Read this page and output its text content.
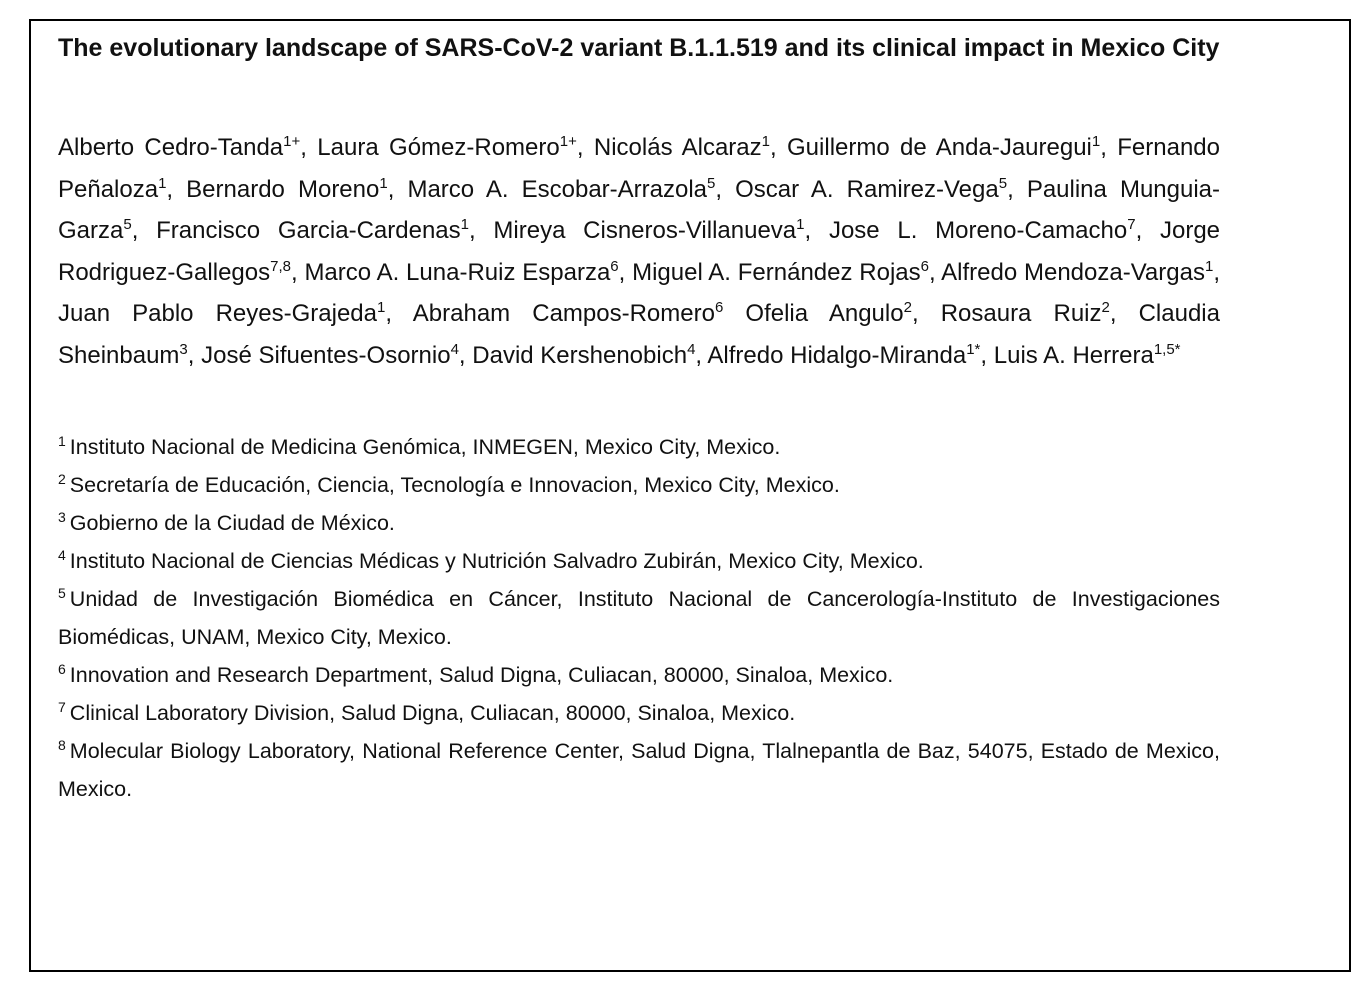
The evolutionary landscape of SARS-CoV-2 variant B.1.1.519 and its clinical impact in Mexico City

Alberto Cedro-Tanda$^{1+}$, Laura Gómez-Romero$^{1+}$, Nicolás Alcaraz$^1$, Guillermo de Anda-Jauregui$^1$, Fernando Peñaloza$^1$, Bernardo Moreno$^1$, Marco A. Escobar-Arrazola$^5$, Oscar A. Ramirez-Vega$^5$, Paulina Munguia-Garza$^5$, Francisco Garcia-Cardenas$^1$, Mireya Cisneros-Villanueva$^1$, Jose L. Moreno-Camacho$^7$, Jorge Rodriguez-Gallegos$^{7,8}$, Marco A. Luna-Ruiz Esparza$^6$, Miguel A. Fernández Rojas$^6$, Alfredo Mendoza-Vargas$^1$, Juan Pablo Reyes-Grajeda$^1$, Abraham Campos-Romero$^6$ Ofelia Angulo$^2$, Rosaura Ruiz$^2$, Claudia Sheinbaum$^3$, José Sifuentes-Osornio$^4$, David Kershenobich$^4$, Alfredo Hidalgo-Miranda$^{1*}$, Luis A. Herrera$^{1,5*}$

$^1$ Instituto Nacional de Medicina Genómica, INMEGEN, Mexico City, Mexico.
$^2$ Secretaría de Educación, Ciencia, Tecnología e Innovacion, Mexico City, Mexico.
$^3$ Gobierno de la Ciudad de México.
$^4$ Instituto Nacional de Ciencias Médicas y Nutrición Salvadro Zubirán, Mexico City, Mexico.
$^5$ Unidad de Investigación Biomédica en Cáncer, Instituto Nacional de Cancerología-Instituto de Investigaciones Biomédicas, UNAM, Mexico City, Mexico.
$^6$ Innovation and Research Department, Salud Digna, Culiacan, 80000, Sinaloa, Mexico.
$^7$ Clinical Laboratory Division, Salud Digna, Culiacan, 80000, Sinaloa, Mexico.
$^8$ Molecular Biology Laboratory, National Reference Center, Salud Digna, Tlalnepantla de Baz, 54075, Estado de Mexico, Mexico.
